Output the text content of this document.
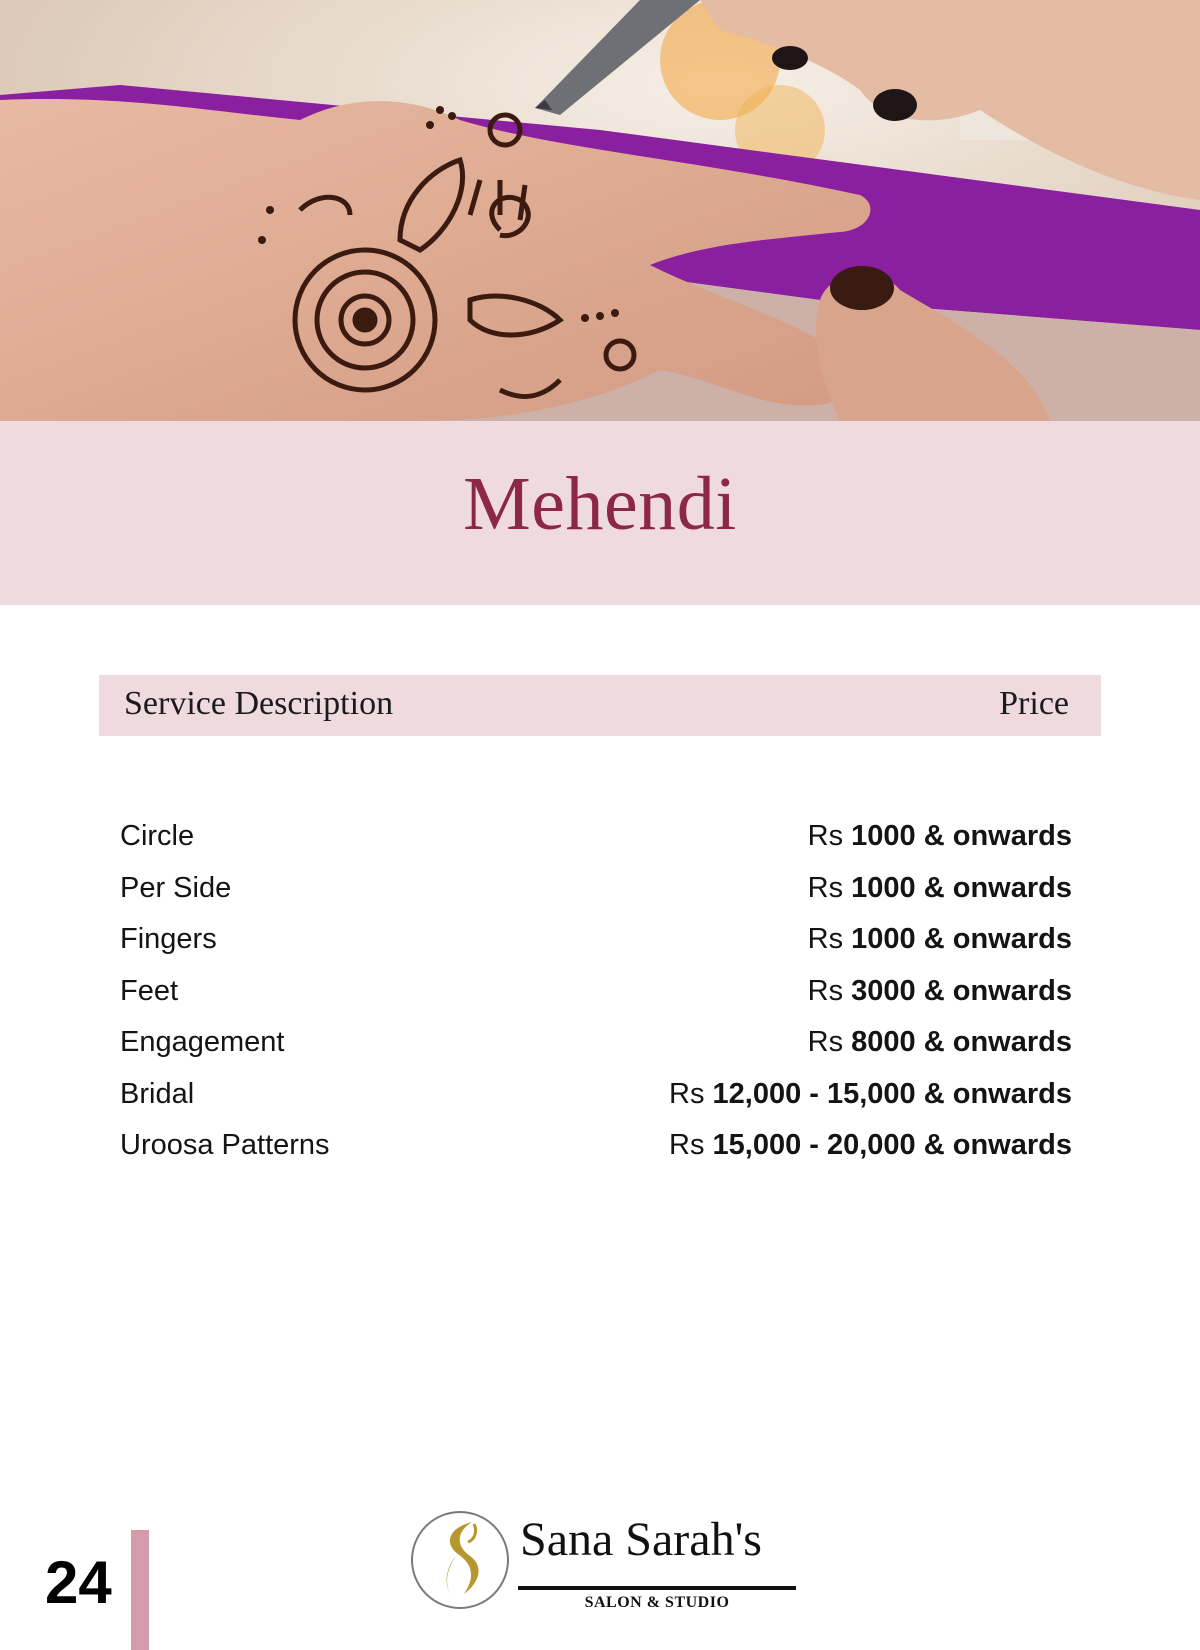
Mehendi
Service Description	Price
Circle	Rs 1000 & onwards
Per Side	Rs 1000 & onwards
Fingers	Rs 1000 & onwards
Feet	Rs 3000 & onwards
Engagement	Rs 8000 & onwards
Bridal	Rs 12,000 - 15,000 & onwards
Uroosa Patterns	Rs 15,000 - 20,000 & onwards
24
Sana Sarah's
SALON & STUDIO
